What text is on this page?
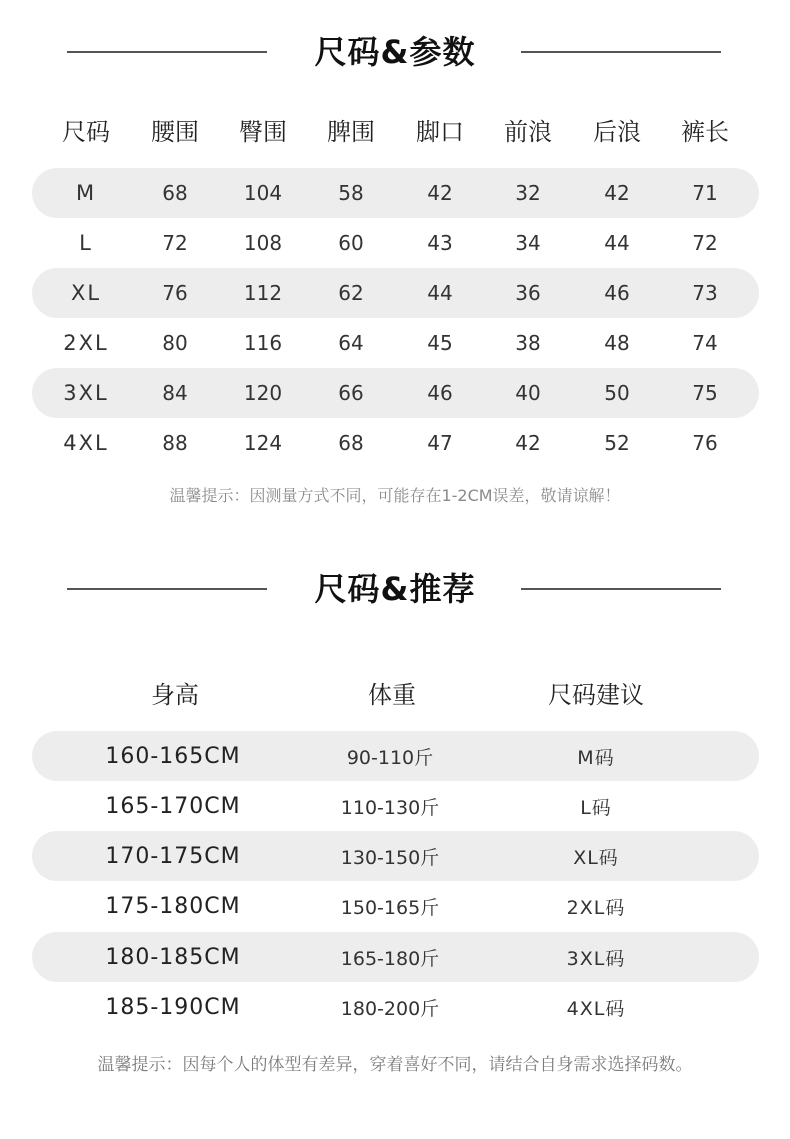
尺码&参数
尺码	腰围	臀围	脾围	脚口	前浪	后浪	裤长
M	68	104	58	42	32	42	71
L	72	108	60	43	34	44	72
XL	76	112	62	44	36	46	73
2XL	80	116	64	45	38	48	74
3XL	84	120	66	46	40	50	75
4XL	88	124	68	47	42	52	76
温馨提示：因测量方式不同，可能存在1-2CM误差，敬请谅解！
尺码&推荐
身高	体重	尺码建议
160-165CM	90-110斤	M码
165-170CM	110-130斤	L码
170-175CM	130-150斤	XL码
175-180CM	150-165斤	2XL码
180-185CM	165-180斤	3XL码
185-190CM	180-200斤	4XL码
温馨提示：因每个人的体型有差异，穿着喜好不同，请结合自身需求选择码数。
